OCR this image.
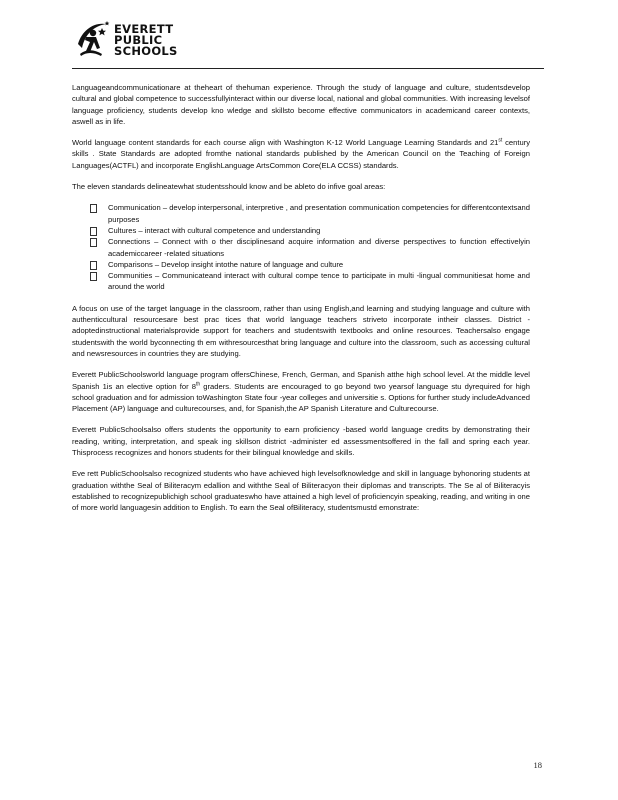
EVERETT
PUBLIC
SCHOOLS

Languageandcommunicationare at theheart of thehuman experience. Through the study of language and culture, studentsdevelop cultural and global competence to successfullyinteract within our diverse local, national and global communities. With increasing levelsof language proficiency, students develop kno wledge and skillsto become effective communicators in academicand career contexts, aswell as in life.

World language content standards for each course align with Washington K-12 World Language Learning Standards and 21st century skills . State Standards are adopted fromthe national standards published by the American Council on the Teaching of Foreign Languages(ACTFL) and incorporate EnglishLanguage ArtsCommon Core(ELA CCSS) standards.

The eleven standards delineatewhat studentsshould know and be ableto do infive goal areas:

Communication – develop interpersonal, interpretive , and presentation communication competencies for differentcontextsand purposes
Cultures – interact with cultural competence and understanding
Connections – Connect with o ther disciplinesand acquire information and diverse perspectives to function effectivelyin academiccareer -related situations
Comparisons – Develop insight intothe nature of language and culture
Communities – Communicateand interact with cultural compe tence to participate in multi -lingual communitiesat home and around the world

A focus on use of the target language in the classroom, rather than using English,and learning and studying language and culture with authenticcultural resourcesare best prac tices that world language teachers striveto incorporate intheir classes. District -adoptedinstructional materialsprovide support for teachers and studentswith textbooks and online resources. Teachersalso engage studentswith the world byconnecting th em withresourcesthat bring language and culture into the classroom, such as accessing cultural and newsresources in countries they are studying.

Everett PublicSchoolsworld language program offersChinese, French, German, and Spanish atthe high school level. At the middle level Spanish 1is an elective option for 8th graders. Students are encouraged to go beyond two yearsof language stu dyrequired for high school graduation and for admission toWashington State four -year colleges and universitie s. Options for further study includeAdvanced Placement (AP) language and culturecourses, and, for Spanish,the AP Spanish Literature and Culturecourse.

Everett PublicSchoolsalso offers students the opportunity to earn proficiency -based world language credits by demonstrating their reading, writing, interpretation, and speak ing skillson district -administer ed assessmentsoffered in the fall and spring each year. Thisprocess recognizes and honors students for their bilingual knowledge and skills.

Eve rett PublicSchoolsalso recognized students who have achieved high levelsofknowledge and skill in language byhonoring students at graduation withthe Seal of Biliteracym edallion and withthe Seal of Biliteracyon their diplomas and transcripts. The Se al of Biliteracyis established to recognizepublichigh school graduateswho have attained a high level of proficiencyin speaking, reading, and writing in one of more world languagesin addition to English. To earn the Seal ofBiliteracy, studentsmustd emonstrate:

18
